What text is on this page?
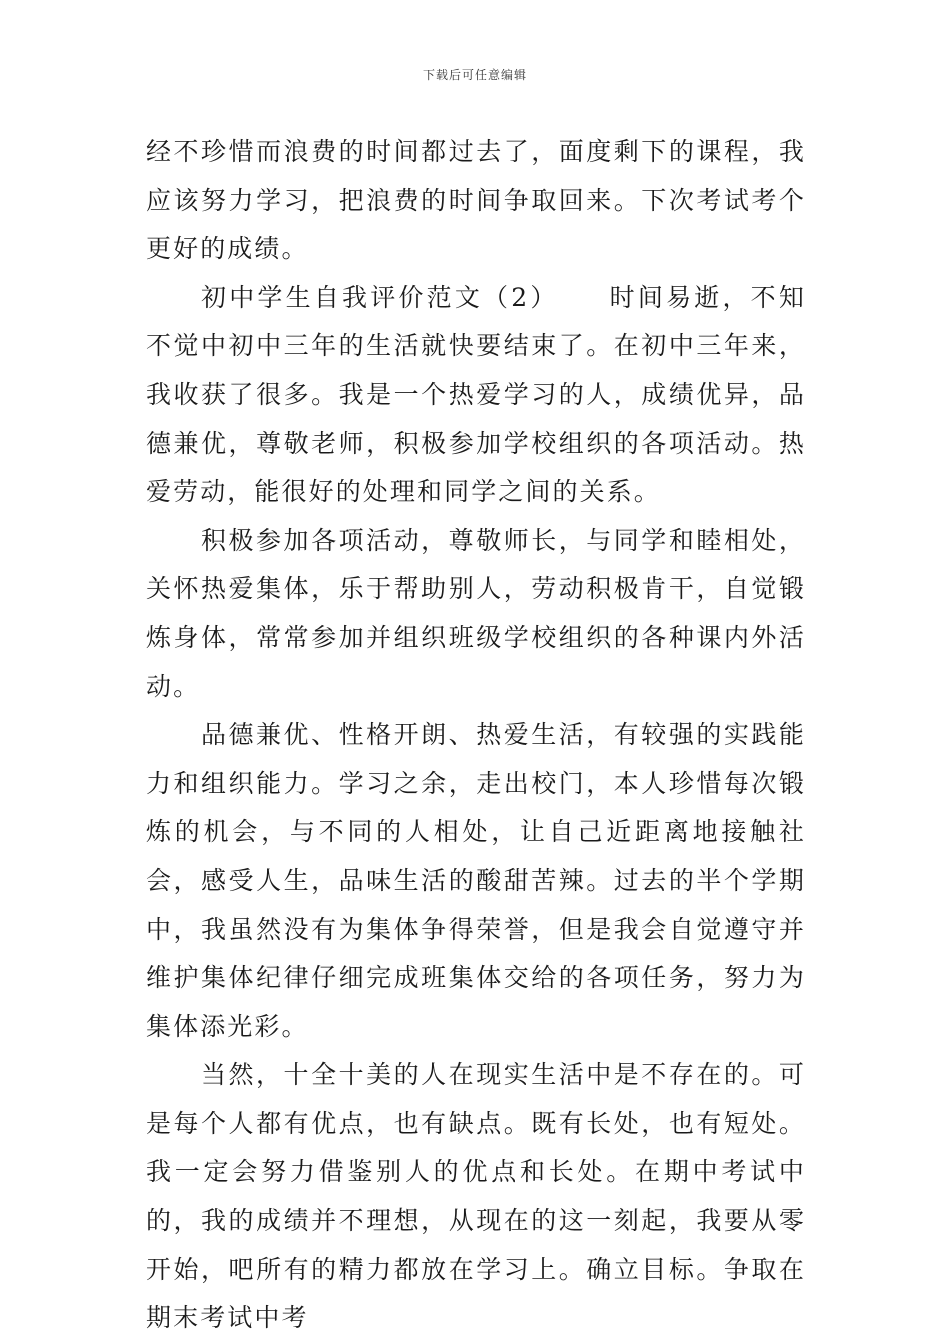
下载后可任意编辑

经不珍惜而浪费的时间都过去了，面度剩下的课程，我应该努力学习，把浪费的时间争取回来。下次考试考个更好的成绩。

初中学生自我评价范文（2） 时间易逝，不知不觉中初中三年的生活就快要结束了。在初中三年来，我收获了很多。我是一个热爱学习的人，成绩优异，品德兼优，尊敬老师，积极参加学校组织的各项活动。热爱劳动，能很好的处理和同学之间的关系。

积极参加各项活动，尊敬师长，与同学和睦相处，关怀热爱集体，乐于帮助别人，劳动积极肯干，自觉锻炼身体，常常参加并组织班级学校组织的各种课内外活动。

品德兼优、性格开朗、热爱生活，有较强的实践能力和组织能力。学习之余，走出校门，本人珍惜每次锻炼的机会，与不同的人相处，让自己近距离地接触社会，感受人生，品味生活的酸甜苦辣。过去的半个学期中，我虽然没有为集体争得荣誉，但是我会自觉遵守并维护集体纪律仔细完成班集体交给的各项任务，努力为集体添光彩。

当然，十全十美的人在现实生活中是不存在的。可是每个人都有优点，也有缺点。既有长处，也有短处。我一定会努力借鉴别人的优点和长处。在期中考试中的，我的成绩并不理想，从现在的这一刻起，我要从零开始，吧所有的精力都放在学习上。确立目标。争取在期末考试中考
